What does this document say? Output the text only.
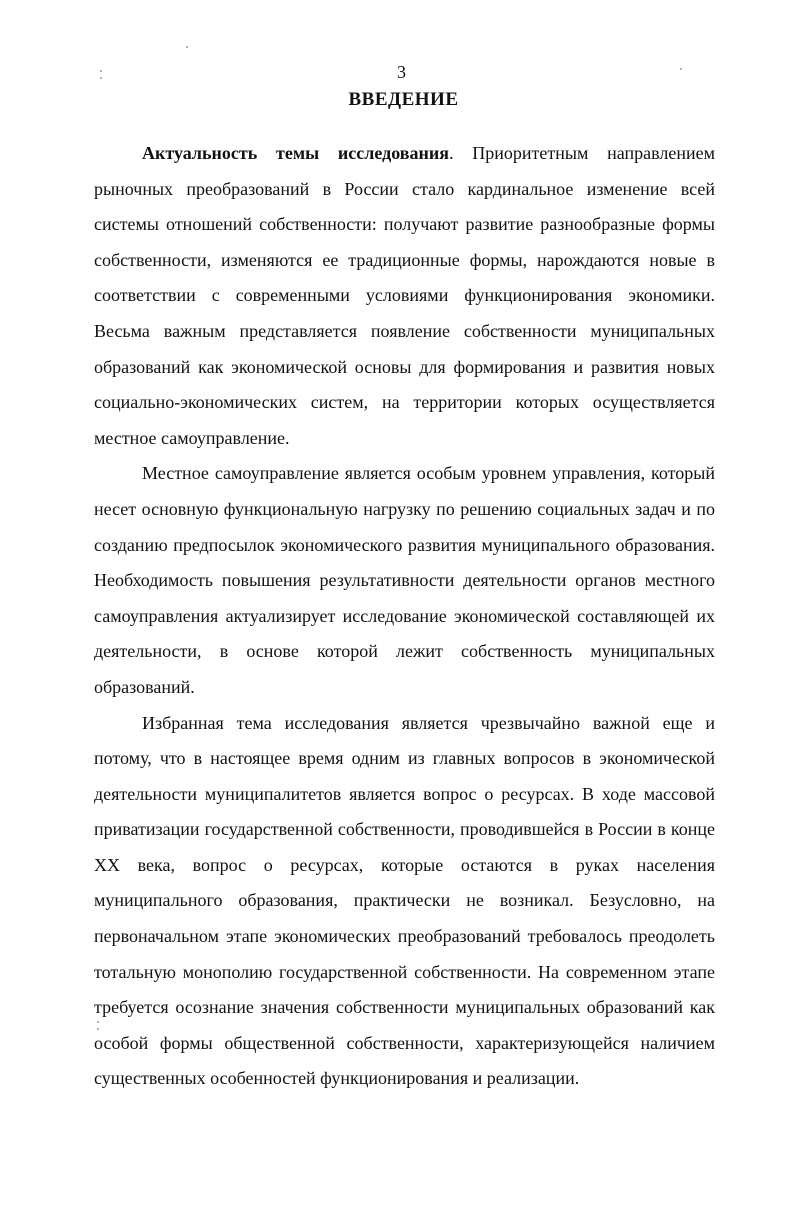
3
ВВЕДЕНИЕ

Актуальность темы исследования. Приоритетным направлением рыночных преобразований в России стало кардинальное изменение всей системы отношений собственности: получают развитие разнообразные формы собственности, изменяются ее традиционные формы, нарождаются новые в соответствии с современными условиями функционирования экономики. Весьма важным представляется появление собственности муниципальных образований как экономической основы для формирования и развития новых социально-экономических систем, на территории которых осуществляется местное самоуправление.

Местное самоуправление является особым уровнем управления, который несет основную функциональную нагрузку по решению социальных задач и по созданию предпосылок экономического развития муниципального образования. Необходимость повышения результативности деятельности органов местного самоуправления актуализирует исследование экономической составляющей их деятельности, в основе которой лежит собственность муниципальных образований.

Избранная тема исследования является чрезвычайно важной еще и потому, что в настоящее время одним из главных вопросов в экономической деятельности муниципалитетов является вопрос о ресурсах. В ходе массовой приватизации государственной собственности, проводившейся в России в конце XX века, вопрос о ресурсах, которые остаются в руках населения муниципального образования, практически не возникал. Безусловно, на первоначальном этапе экономических преобразований требовалось преодолеть тотальную монополию государственной собственности. На современном этапе требуется осознание значения собственности муниципальных образований как особой формы общественной собственности, характеризующейся наличием существенных особенностей функционирования и реализации.
